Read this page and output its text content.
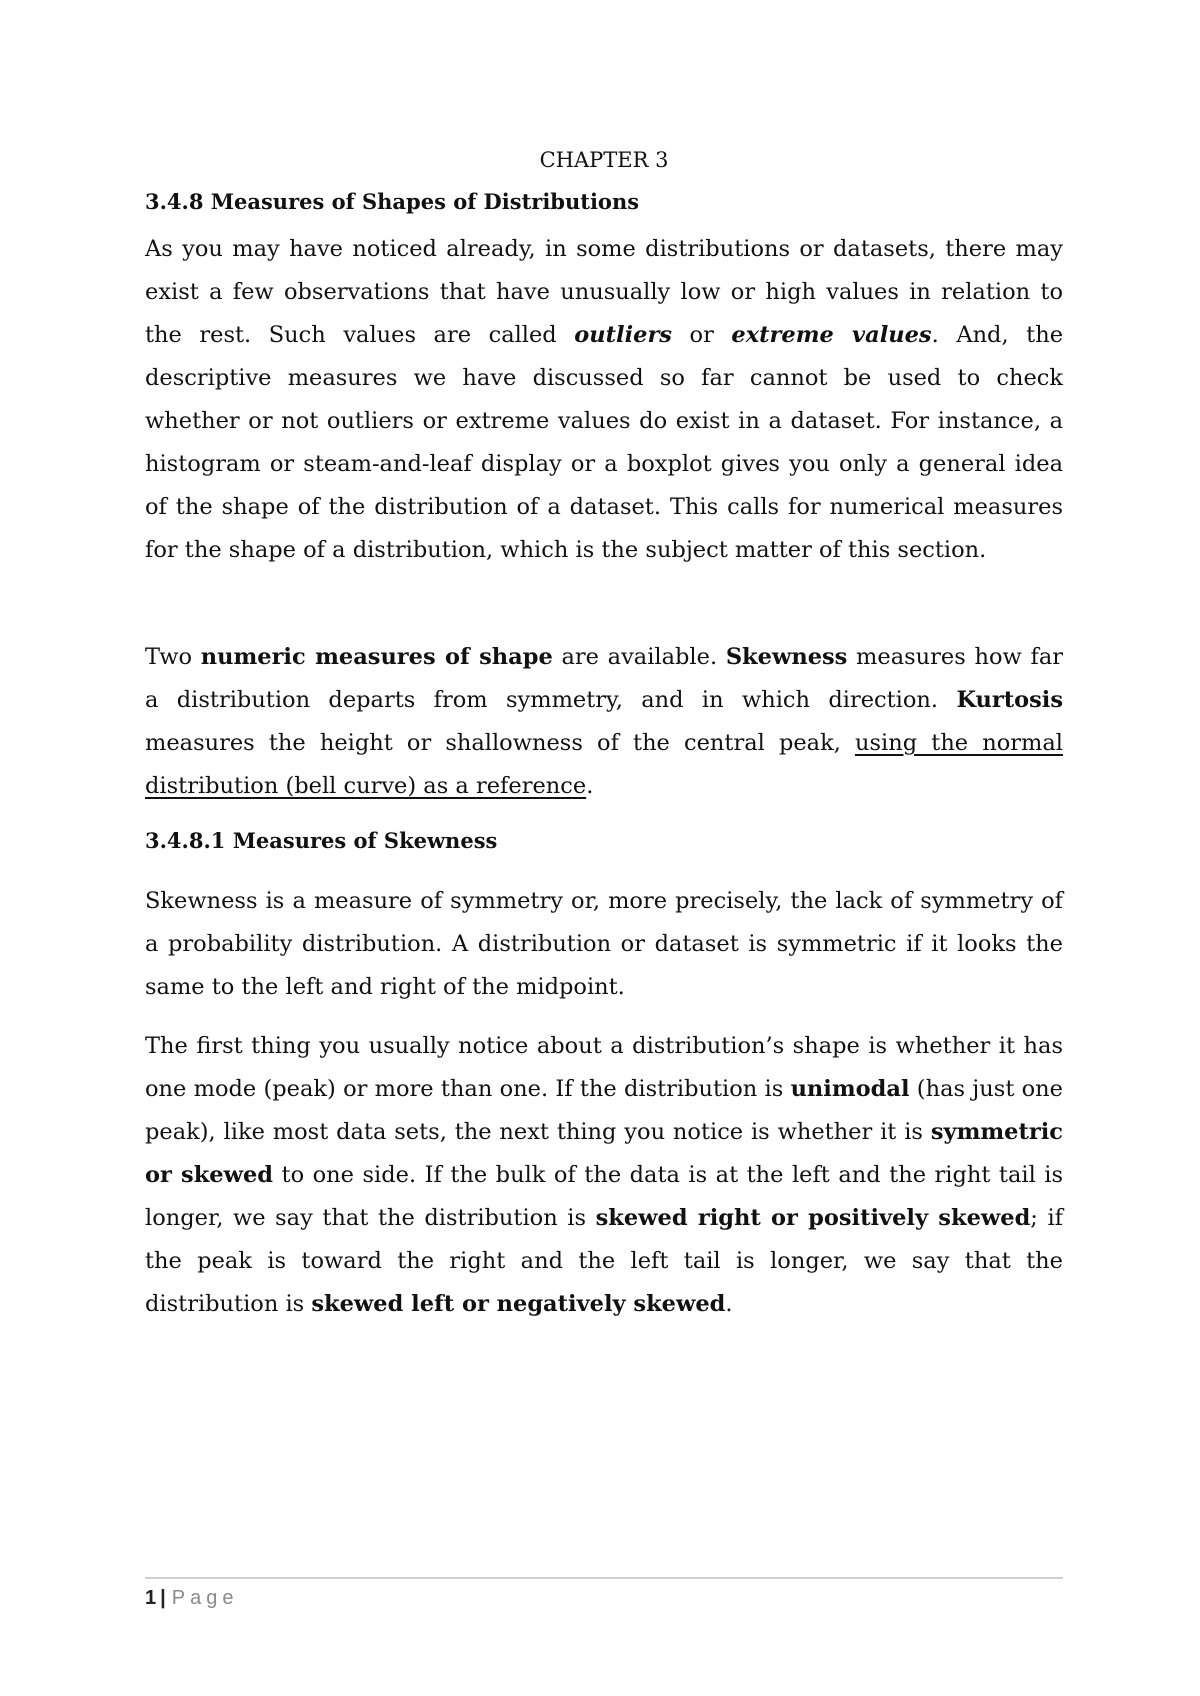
CHAPTER 3
3.4.8 Measures of Shapes of Distributions

As you may have noticed already, in some distributions or datasets, there may exist a few observations that have unusually low or high values in relation to the rest. Such values are called outliers or extreme values. And, the descriptive measures we have discussed so far cannot be used to check whether or not outliers or extreme values do exist in a dataset. For instance, a histogram or steam-and-leaf display or a boxplot gives you only a general idea of the shape of the distribution of a dataset. This calls for numerical measures for the shape of a distribution, which is the subject matter of this section.

Two numeric measures of shape are available. Skewness measures how far a distribution departs from symmetry, and in which direction. Kurtosis measures the height or shallowness of the central peak, using the normal distribution (bell curve) as a reference.

3.4.8.1 Measures of Skewness

Skewness is a measure of symmetry or, more precisely, the lack of symmetry of a probability distribution. A distribution or dataset is symmetric if it looks the same to the left and right of the midpoint.

The first thing you usually notice about a distribution’s shape is whether it has one mode (peak) or more than one. If the distribution is unimodal (has just one peak), like most data sets, the next thing you notice is whether it is symmetric or skewed to one side. If the bulk of the data is at the left and the right tail is longer, we say that the distribution is skewed right or positively skewed; if the peak is toward the right and the left tail is longer, we say that the distribution is skewed left or negatively skewed.

1 | Page
